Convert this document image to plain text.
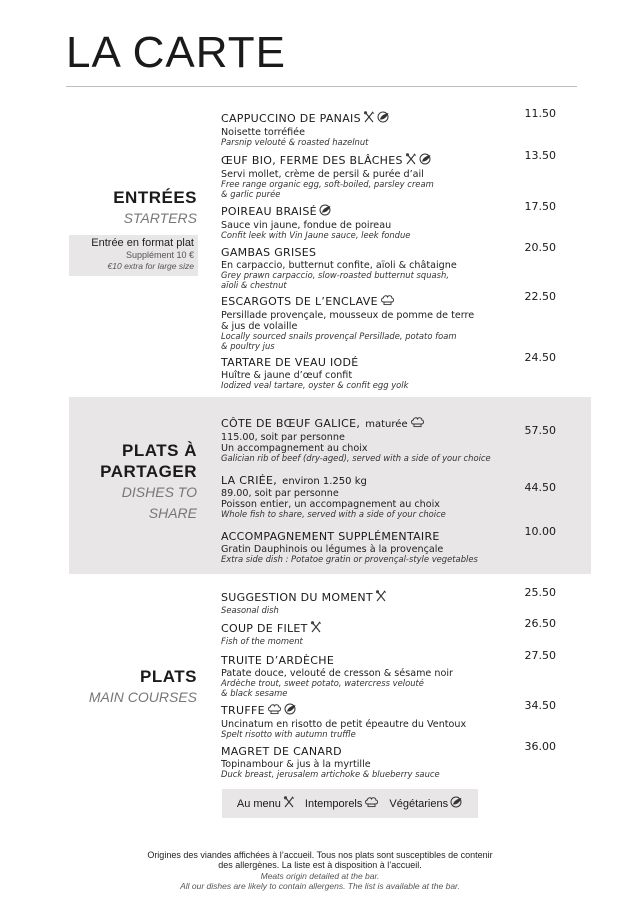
LA CARTE
ENTRÉES
STARTERS
Entrée en format plat
Supplément 10 €
€10 extra for large size
PLATS À
PARTAGER
DISHES TO
SHARE
PLATS
MAIN COURSES
CAPPUCCINO DE PANAIS
Noisette torréfiée
Parsnip velouté & roasted hazelnut
11.50
ŒUF BIO, FERME DES BLÂCHES
Servi mollet, crème de persil & purée d’ail
Free range organic egg, soft-boiled, parsley cream
& garlic purée
13.50
POIREAU BRAISÉ
Sauce vin jaune, fondue de poireau
Confit leek with Vin Jaune sauce, leek fondue
17.50
GAMBAS GRISES
En carpaccio, butternut confite, aïoli & châtaigne
Grey prawn carpaccio, slow-roasted butternut squash,
aïoli & chestnut
20.50
ESCARGOTS DE L’ENCLAVE
Persillade provençale, mousseux de pomme de terre
& jus de volaille
Locally sourced snails provençal Persillade, potato foam
& poultry jus
22.50
TARTARE DE VEAU IODÉ
Huître & jaune d’œuf confit
Iodized veal tartare, oyster & confit egg yolk
24.50
CÔTE DE BŒUF GALICE, maturée
115.00, soit par personne
Un accompagnement au choix
Galician rib of beef (dry-aged), served with a side of your choice
57.50
LA CRIÉE, environ 1.250 kg
89.00, soit par personne
Poisson entier, un accompagnement au choix
Whole fish to share, served with a side of your choice
44.50
ACCOMPAGNEMENT SUPPLÉMENTAIRE
Gratin Dauphinois ou légumes à la provençale
Extra side dish : Potatoe gratin or provençal-style vegetables
10.00
SUGGESTION DU MOMENT
Seasonal dish
25.50
COUP DE FILET
Fish of the moment
26.50
TRUITE D’ARDÈCHE
Patate douce, velouté de cresson & sésame noir
Ardèche trout, sweet potato, watercress velouté
& black sesame
27.50
TRUFFE
Uncinatum en risotto de petit épeautre du Ventoux
Spelt risotto with autumn truffle
34.50
MAGRET DE CANARD
Topinambour & jus à la myrtille
Duck breast, jerusalem artichoke & blueberry sauce
36.00
Au menu Intemporels Végétariens
Origines des viandes affichées à l’accueil. Tous nos plats sont susceptibles de contenir
des allergènes. La liste est à disposition à l’accueil.
Meats origin detailed at the bar.
All our dishes are likely to contain allergens. The list is available at the bar.
